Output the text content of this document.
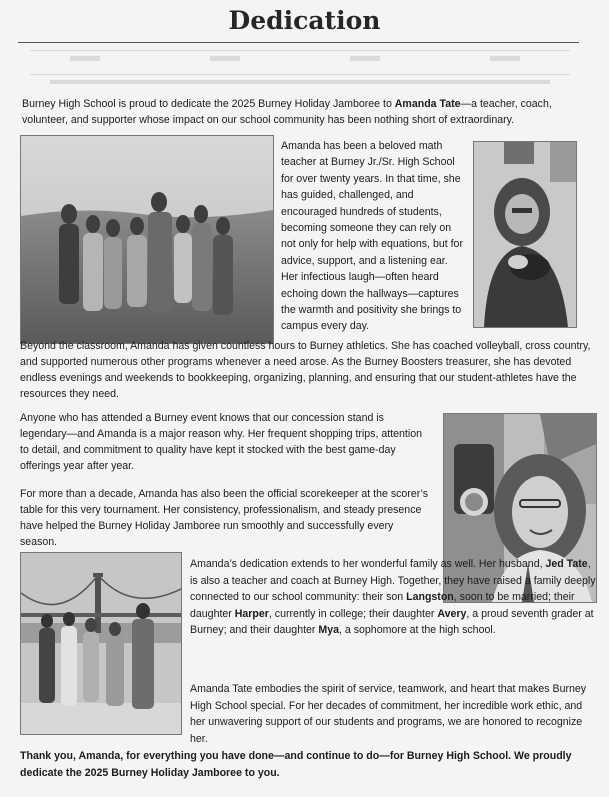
Dedication

Burney High School is proud to dedicate the 2025 Burney Holiday Jamboree to Amanda Tate—a teacher, coach, volunteer, and supporter whose impact on our school community has been nothing short of extraordinary.

Amanda has been a beloved math teacher at Burney Jr./Sr. High School for over twenty years. In that time, she has guided, challenged, and encouraged hundreds of students, becoming someone they can rely on not only for help with equations, but for advice, support, and a listening ear. Her infectious laugh—often heard echoing down the hallways—captures the warmth and positivity she brings to campus every day.

Beyond the classroom, Amanda has given countless hours to Burney athletics. She has coached volleyball, cross country, and supported numerous other programs whenever a need arose. As the Burney Boosters treasurer, she has devoted endless evenings and weekends to bookkeeping, organizing, planning, and ensuring that our student-athletes have the resources they need.

Anyone who has attended a Burney event knows that our concession stand is legendary—and Amanda is a major reason why. Her frequent shopping trips, attention to detail, and commitment to quality have kept it stocked with the best game-day offerings year after year.

For more than a decade, Amanda has also been the official scorekeeper at the scorer’s table for this very tournament. Her consistency, professionalism, and steady presence have helped the Burney Holiday Jamboree run smoothly and successfully every season.

Amanda’s dedication extends to her wonderful family as well. Her husband, Jed Tate, is also a teacher and coach at Burney High. Together, they have raised a family deeply connected to our school community: their son Langston, soon to be married; their daughter Harper, currently in college; their daughter Avery, a proud seventh grader at Burney; and their daughter Mya, a sophomore at the high school.

Amanda Tate embodies the spirit of service, teamwork, and heart that makes Burney High School special. For her decades of commitment, her incredible work ethic, and her unwavering support of our students and programs, we are honored to recognize her.

Thank you, Amanda, for everything you have done—and continue to do—for Burney High School. We proudly dedicate the 2025 Burney Holiday Jamboree to you.
